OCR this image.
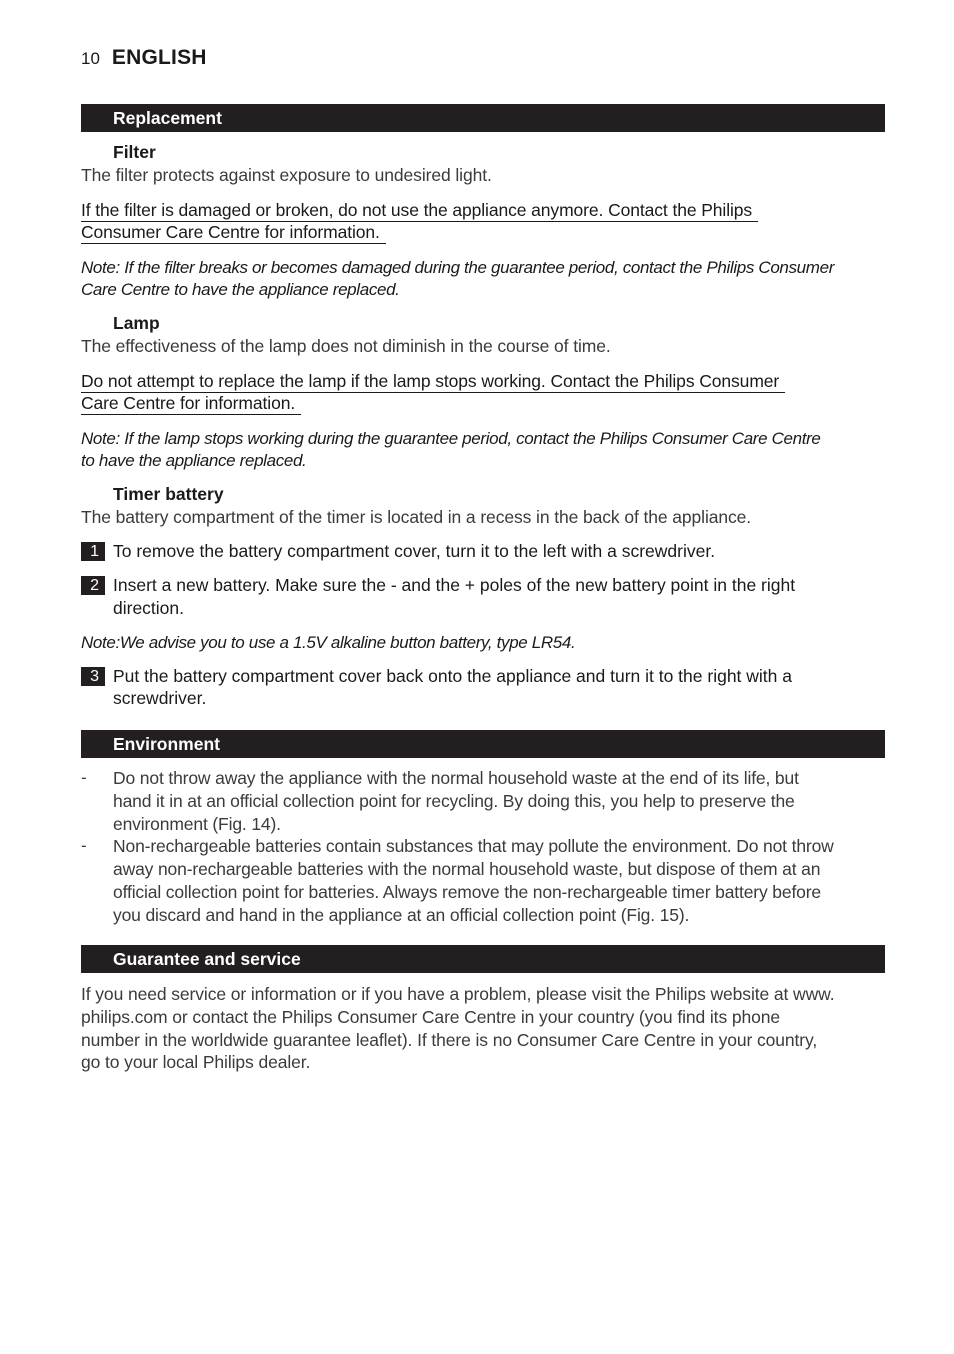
10 ENGLISH
Replacement
Filter
The filter protects against exposure to undesired light.
If the filter is damaged or broken, do not use the appliance anymore. Contact the Philips
Consumer Care Centre for information.
Note: If the filter breaks or becomes damaged during the guarantee period, contact the Philips Consumer
Care Centre to have the appliance replaced.
Lamp
The effectiveness of the lamp does not diminish in the course of time.
Do not attempt to replace the lamp if the lamp stops working. Contact the Philips Consumer
Care Centre for information.
Note: If the lamp stops working during the guarantee period, contact the Philips Consumer Care Centre
to have the appliance replaced.
Timer battery
The battery compartment of the timer is located in a recess in the back of the appliance.
1 To remove the battery compartment cover, turn it to the left with a screwdriver.
2 Insert a new battery. Make sure the - and the + poles of the new battery point in the right
direction.
Note:We advise you to use a 1.5V alkaline button battery, type LR54.
3 Put the battery compartment cover back onto the appliance and turn it to the right with a
screwdriver.
Environment
- Do not throw away the appliance with the normal household waste at the end of its life, but
hand it in at an official collection point for recycling. By doing this, you help to preserve the
environment (Fig. 14).
- Non-rechargeable batteries contain substances that may pollute the environment. Do not throw
away non-rechargeable batteries with the normal household waste, but dispose of them at an
official collection point for batteries. Always remove the non-rechargeable timer battery before
you discard and hand in the appliance at an official collection point (Fig. 15).
Guarantee and service
If you need service or information or if you have a problem, please visit the Philips website at www.
philips.com or contact the Philips Consumer Care Centre in your country (you find its phone
number in the worldwide guarantee leaflet). If there is no Consumer Care Centre in your country,
go to your local Philips dealer.
